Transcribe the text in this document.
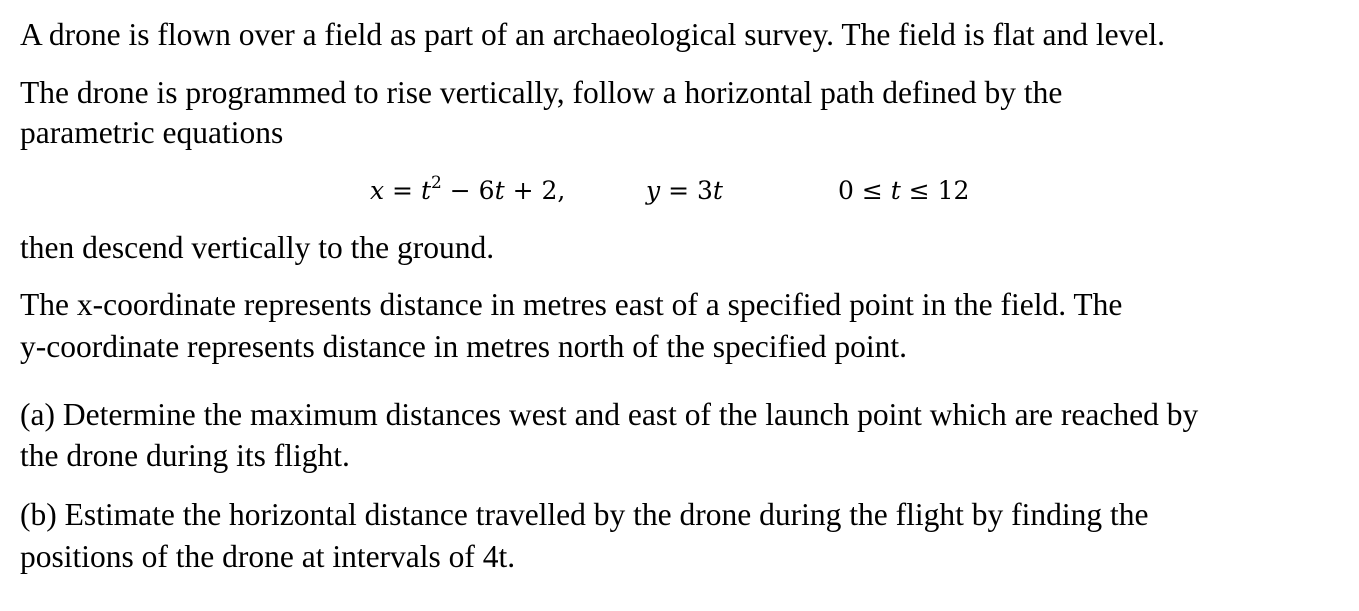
A drone is flown over a field as part of an archaeological survey. The field is flat and level.
The drone is programmed to rise vertically, follow a horizontal path defined by the
parametric equations
$x = t^2 - 6t + 2$,	y = 3t	0 ≤ t ≤ 12
then descend vertically to the ground.
The x-coordinate represents distance in metres east of a specified point in the field. The
y-coordinate represents distance in metres north of the specified point.
(a) Determine the maximum distances west and east of the launch point which are reached by
the drone during its flight.
(b) Estimate the horizontal distance travelled by the drone during the flight by finding the
positions of the drone at intervals of 4t.
